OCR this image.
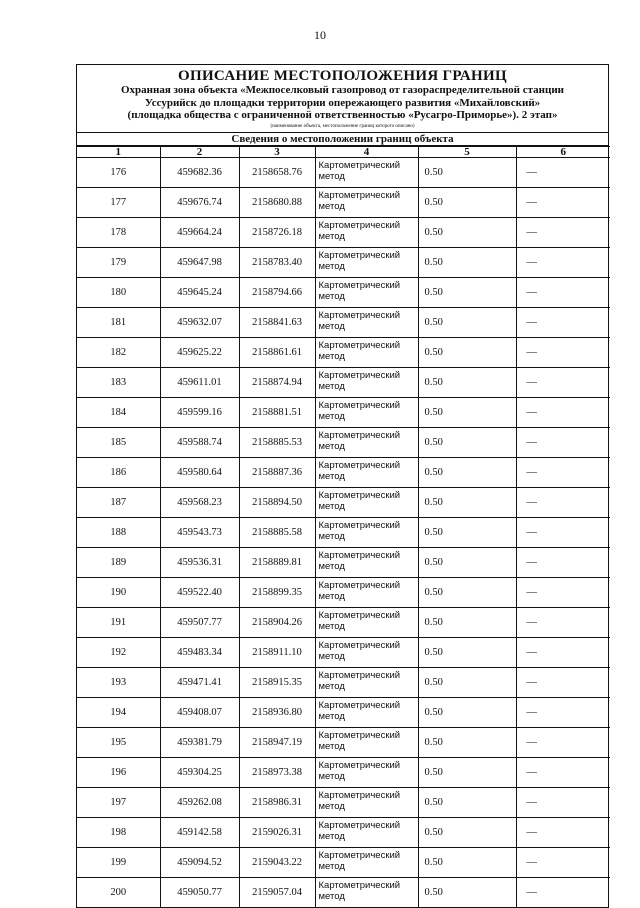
10
ОПИСАНИЕ МЕСТОПОЛОЖЕНИЯ ГРАНИЦ
Охранная зона объекта «Межпоселковый газопровод от газораспределительной станции
Уссурийск до площадки территории опережающего развития «Михайловский»
(площадка общества с ограниченной ответственностью «Русагро-Приморье»). 2 этап»
(наименование объекта, местоположение границ которого описано)
Сведения о местоположении границ объекта
1	2	3	4	5	6
176	459682.36	2158658.76	Картометрический метод	0.50	—
177	459676.74	2158680.88	Картометрический метод	0.50	—
178	459664.24	2158726.18	Картометрический метод	0.50	—
179	459647.98	2158783.40	Картометрический метод	0.50	—
180	459645.24	2158794.66	Картометрический метод	0.50	—
181	459632.07	2158841.63	Картометрический метод	0.50	—
182	459625.22	2158861.61	Картометрический метод	0.50	—
183	459611.01	2158874.94	Картометрический метод	0.50	—
184	459599.16	2158881.51	Картометрический метод	0.50	—
185	459588.74	2158885.53	Картометрический метод	0.50	—
186	459580.64	2158887.36	Картометрический метод	0.50	—
187	459568.23	2158894.50	Картометрический метод	0.50	—
188	459543.73	2158885.58	Картометрический метод	0.50	—
189	459536.31	2158889.81	Картометрический метод	0.50	—
190	459522.40	2158899.35	Картометрический метод	0.50	—
191	459507.77	2158904.26	Картометрический метод	0.50	—
192	459483.34	2158911.10	Картометрический метод	0.50	—
193	459471.41	2158915.35	Картометрический метод	0.50	—
194	459408.07	2158936.80	Картометрический метод	0.50	—
195	459381.79	2158947.19	Картометрический метод	0.50	—
196	459304.25	2158973.38	Картометрический метод	0.50	—
197	459262.08	2158986.31	Картометрический метод	0.50	—
198	459142.58	2159026.31	Картометрический метод	0.50	—
199	459094.52	2159043.22	Картометрический метод	0.50	—
200	459050.77	2159057.04	Картометрический метод	0.50	—
